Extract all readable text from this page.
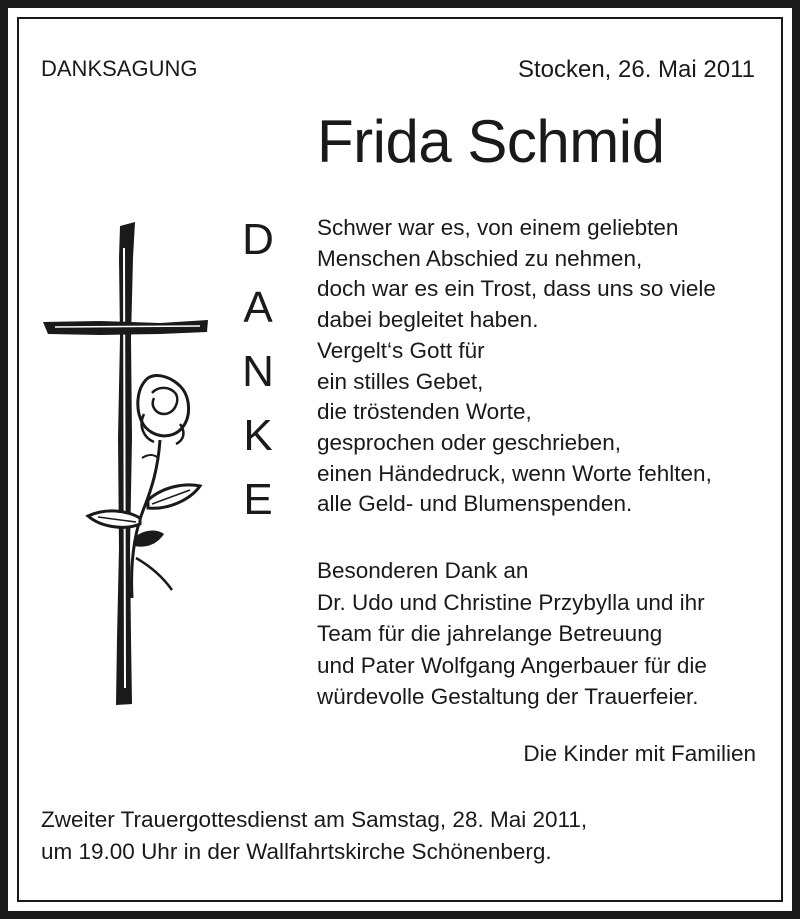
DANKSAGUNG	Stocken, 26. Mai 2011
Frida Schmid
D
A
N
K
E
Schwer war es, von einem geliebten
Menschen Abschied zu nehmen,
doch war es ein Trost, dass uns so viele
dabei begleitet haben.
Vergelt‘s Gott für
ein stilles Gebet,
die tröstenden Worte,
gesprochen oder geschrieben,
einen Händedruck, wenn Worte fehlten,
alle Geld- und Blumenspenden.
Besonderen Dank an
Dr. Udo und Christine Przybylla und ihr
Team für die jahrelange Betreuung
und Pater Wolfgang Angerbauer für die
würdevolle Gestaltung der Trauerfeier.
Die Kinder mit Familien
Zweiter Trauergottesdienst am Samstag, 28. Mai 2011,
um 19.00 Uhr in der Wallfahrtskirche Schönenberg.
